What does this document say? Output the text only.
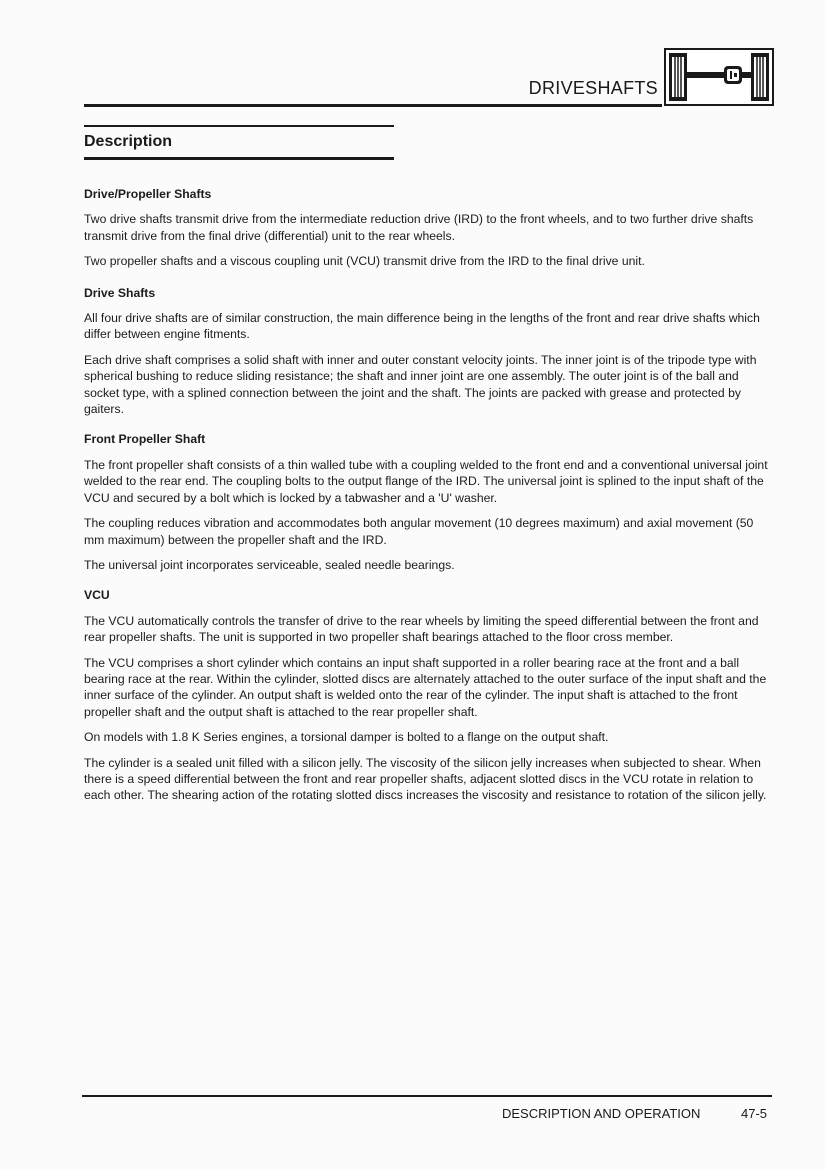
DRIVESHAFTS
Description

Drive/Propeller Shafts

Two drive shafts transmit drive from the intermediate reduction drive (IRD) to the front wheels, and to two further drive shafts transmit drive from the final drive (differential) unit to the rear wheels.

Two propeller shafts and a viscous coupling unit (VCU) transmit drive from the IRD to the final drive unit.

Drive Shafts

All four drive shafts are of similar construction, the main difference being in the lengths of the front and rear drive shafts which differ between engine fitments.

Each drive shaft comprises a solid shaft with inner and outer constant velocity joints. The inner joint is of the tripode type with spherical bushing to reduce sliding resistance; the shaft and inner joint are one assembly. The outer joint is of the ball and socket type, with a splined connection between the joint and the shaft. The joints are packed with grease and protected by gaiters.

Front Propeller Shaft

The front propeller shaft consists of a thin walled tube with a coupling welded to the front end and a conventional universal joint welded to the rear end. The coupling bolts to the output flange of the IRD. The universal joint is splined to the input shaft of the VCU and secured by a bolt which is locked by a tabwasher and a 'U' washer.

The coupling reduces vibration and accommodates both angular movement (10 degrees maximum) and axial movement (50 mm maximum) between the propeller shaft and the IRD.

The universal joint incorporates serviceable, sealed needle bearings.

VCU

The VCU automatically controls the transfer of drive to the rear wheels by limiting the speed differential between the front and rear propeller shafts. The unit is supported in two propeller shaft bearings attached to the floor cross member.

The VCU comprises a short cylinder which contains an input shaft supported in a roller bearing race at the front and a ball bearing race at the rear. Within the cylinder, slotted discs are alternately attached to the outer surface of the input shaft and the inner surface of the cylinder. An output shaft is welded onto the rear of the cylinder. The input shaft is attached to the front propeller shaft and the output shaft is attached to the rear propeller shaft.

On models with 1.8 K Series engines, a torsional damper is bolted to a flange on the output shaft.

The cylinder is a sealed unit filled with a silicon jelly. The viscosity of the silicon jelly increases when subjected to shear. When there is a speed differential between the front and rear propeller shafts, adjacent slotted discs in the VCU rotate in relation to each other. The shearing action of the rotating slotted discs increases the viscosity and resistance to rotation of the silicon jelly.

DESCRIPTION AND OPERATION	47-5
